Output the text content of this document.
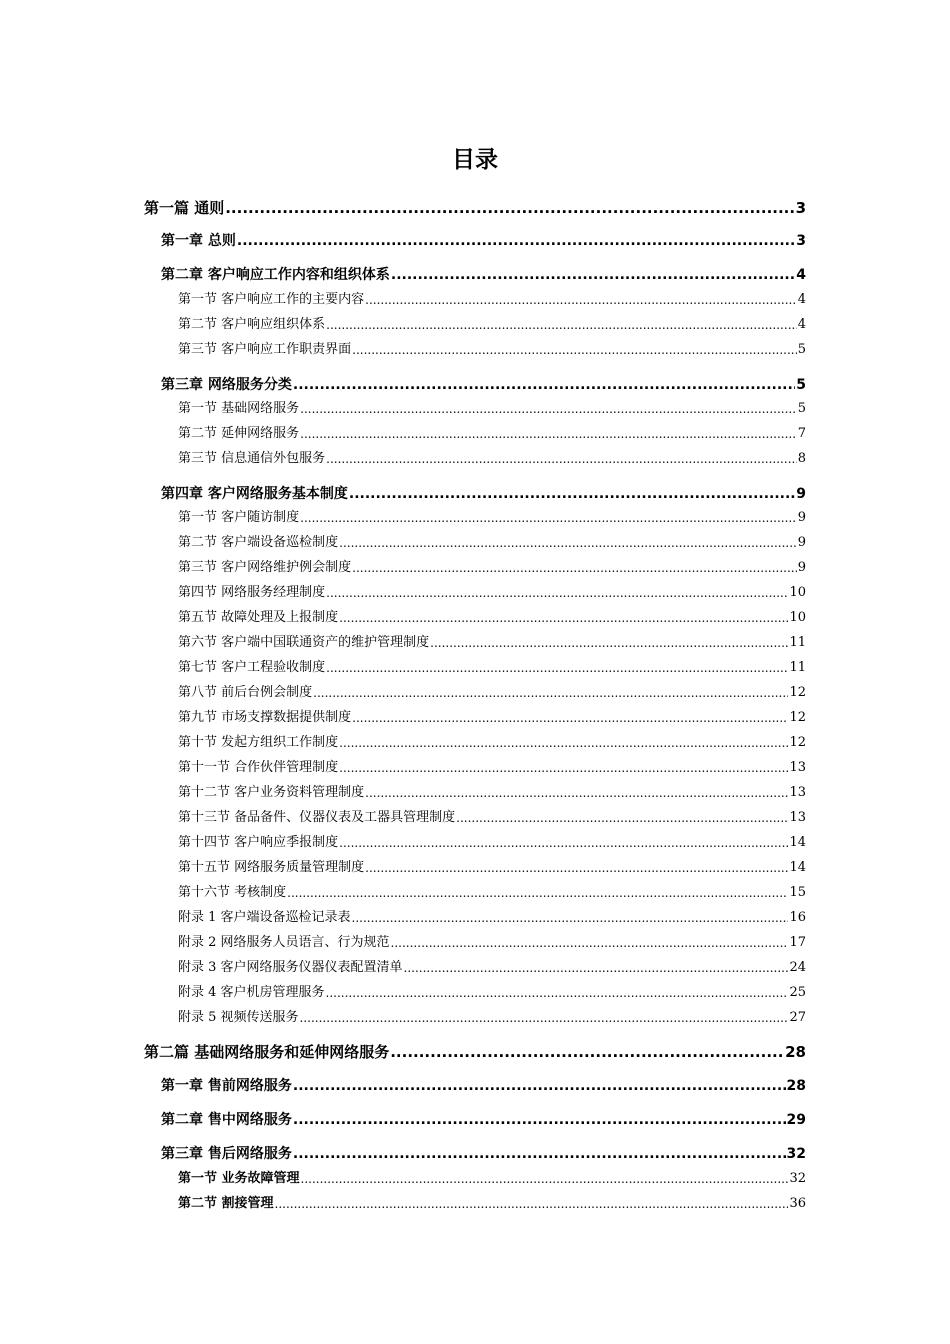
目录
第一篇 通则 .....	3
第一章 总则 .....	3
第二章 客户响应工作内容和组织体系 .....	4
第一节 客户响应工作的主要内容 .....	4
第二节 客户响应组织体系 .....	4
第三节 客户响应工作职责界面 .....	5
第三章 网络服务分类 .....	5
第一节 基础网络服务 .....	5
第二节 延伸网络服务 .....	7
第三节 信息通信外包服务 .....	8
第四章 客户网络服务基本制度 .....	9
第一节 客户随访制度 .....	9
第二节 客户端设备巡检制度 .....	9
第三节 客户网络维护例会制度 .....	9
第四节 网络服务经理制度 .....	10
第五节 故障处理及上报制度 .....	10
第六节 客户端中国联通资产的维护管理制度 .....	11
第七节 客户工程验收制度 .....	11
第八节 前后台例会制度 .....	12
第九节 市场支撑数据提供制度 .....	12
第十节 发起方组织工作制度 .....	12
第十一节 合作伙伴管理制度 .....	13
第十二节 客户业务资料管理制度 .....	13
第十三节 备品备件、仪器仪表及工器具管理制度 .....	13
第十四节 客户响应季报制度 .....	14
第十五节 网络服务质量管理制度 .....	14
第十六节 考核制度 .....	15
附录 1 客户端设备巡检记录表 .....	16
附录 2 网络服务人员语言、行为规范 .....	17
附录 3 客户网络服务仪器仪表配置清单 .....	24
附录 4 客户机房管理服务 .....	25
附录 5 视频传送服务 .....	27
第二篇 基础网络服务和延伸网络服务 .....	28
第一章 售前网络服务 .....	28
第二章 售中网络服务 .....	29
第三章 售后网络服务 .....	32
第一节 业务故障管理 .....	32
第二节 割接管理 .....	36
